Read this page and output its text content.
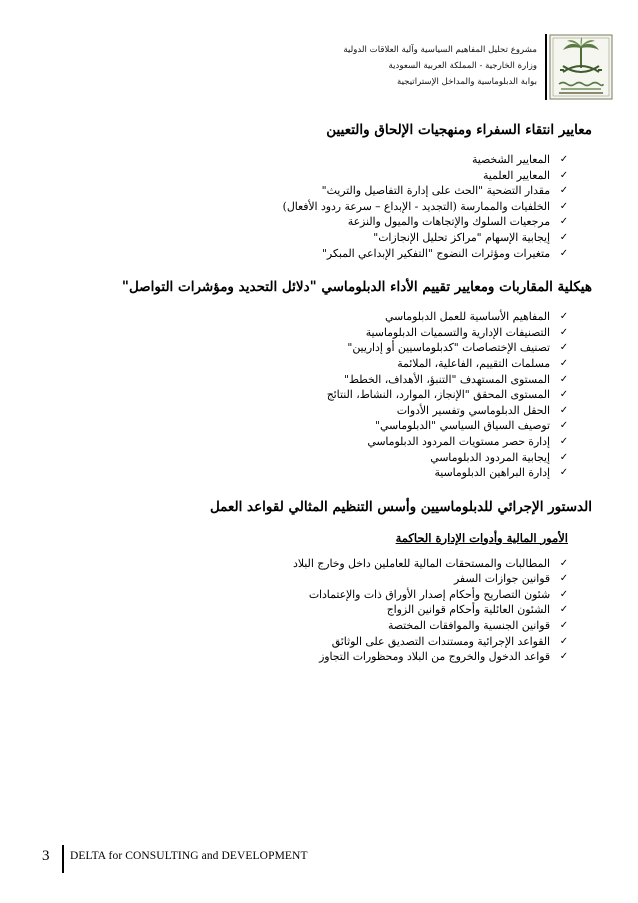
مشروع تحليل المفاهيم السياسية وآلية العلاقات الدولية
وزارة الخارجية - المملكة العربية السعودية
بوابة الدبلوماسية والمداخل الإستراتيجية
معايير انتقاء السفراء ومنهجيات الإلحاق والتعيين
✓
المعايير الشخصية
✓
المعايير العلمية
✓
مقدار التضحية "الحث على إدارة التفاصيل والتريث"
✓
الخلفيات والممارسة (التجديد - الإبداع – سرعة ردود الأفعال)
✓
مرجعيات السلوك والإتجاهات والميول والنزعة
✓
إيجابية الإسهام "مراكز تحليل الإنجازات"
✓
متغيرات ومؤثرات النضوج "التفكير الإبداعي المبكر"
هيكلية المقاربات ومعايير تقييم الأداء الدبلوماسي "دلائل التحديد ومؤشرات التواصل"
✓
المفاهيم الأساسية للعمل الدبلوماسي
✓
التصنيفات الإدارية والتسميات الدبلوماسية
✓
تصنيف الإختصاصات "كدبلوماسيين أو إداريين"
✓
مسلمات التقييم، الفاعلية، الملائمة
✓
المستوى المستهدف "التنبؤ، الأهداف، الخطط"
✓
المستوى المحقق "الإنجاز، الموارد، النشاط، النتائج
✓
الحقل الدبلوماسي وتفسير الأدوات
✓
توصيف السياق السياسي "الدبلوماسي"
✓
إدارة حصر مستويات المردود الدبلوماسي
✓
إيجابية المردود الدبلوماسي
✓
إدارة البراهين الدبلوماسية
الدستور الإجرائي للدبلوماسيين وأسس التنظيم المثالي لقواعد العمل
الأمور المالية وأدوات الإدارة الحاكمة
✓
المطالبات والمستحقات المالية للعاملين داخل وخارج البلاد
✓
قوانين جوازات السفر
✓
شئون التصاريح وأحكام إصدار الأوراق ذات والإعتمادات
✓
الشئون العائلية وأحكام قوانين الزواج
✓
قوانين الجنسية والموافقات المختصة
✓
القواعد الإجرائية ومستندات التصديق على الوثائق
✓
قواعد الدخول والخروج من البلاد ومحظورات التجاوز
3 DELTA for CONSULTING and DEVELOPMENT
